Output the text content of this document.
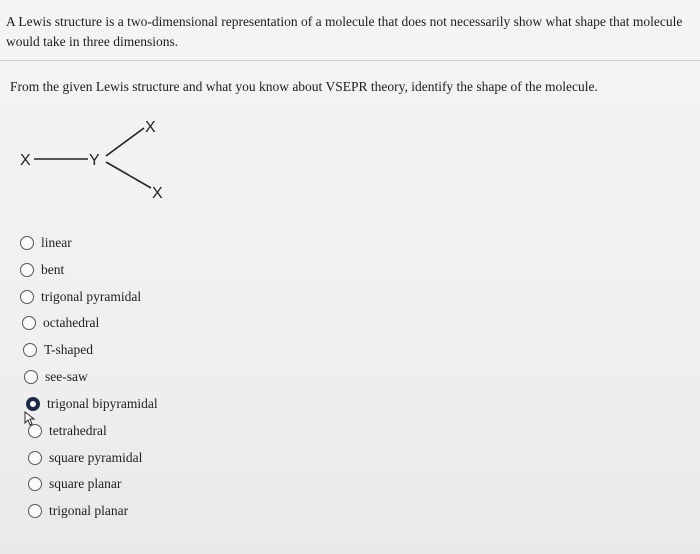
A Lewis structure is a two-dimensional representation of a molecule that does not necessarily show what shape that molecule would take in three dimensions.

From the given Lewis structure and what you know about VSEPR theory, identify the shape of the molecule.

X	Y
X
X
linear
bent
trigonal pyramidal
octahedral
T-shaped
see-saw
trigonal bipyramidal
tetrahedral
square pyramidal
square planar
trigonal planar
